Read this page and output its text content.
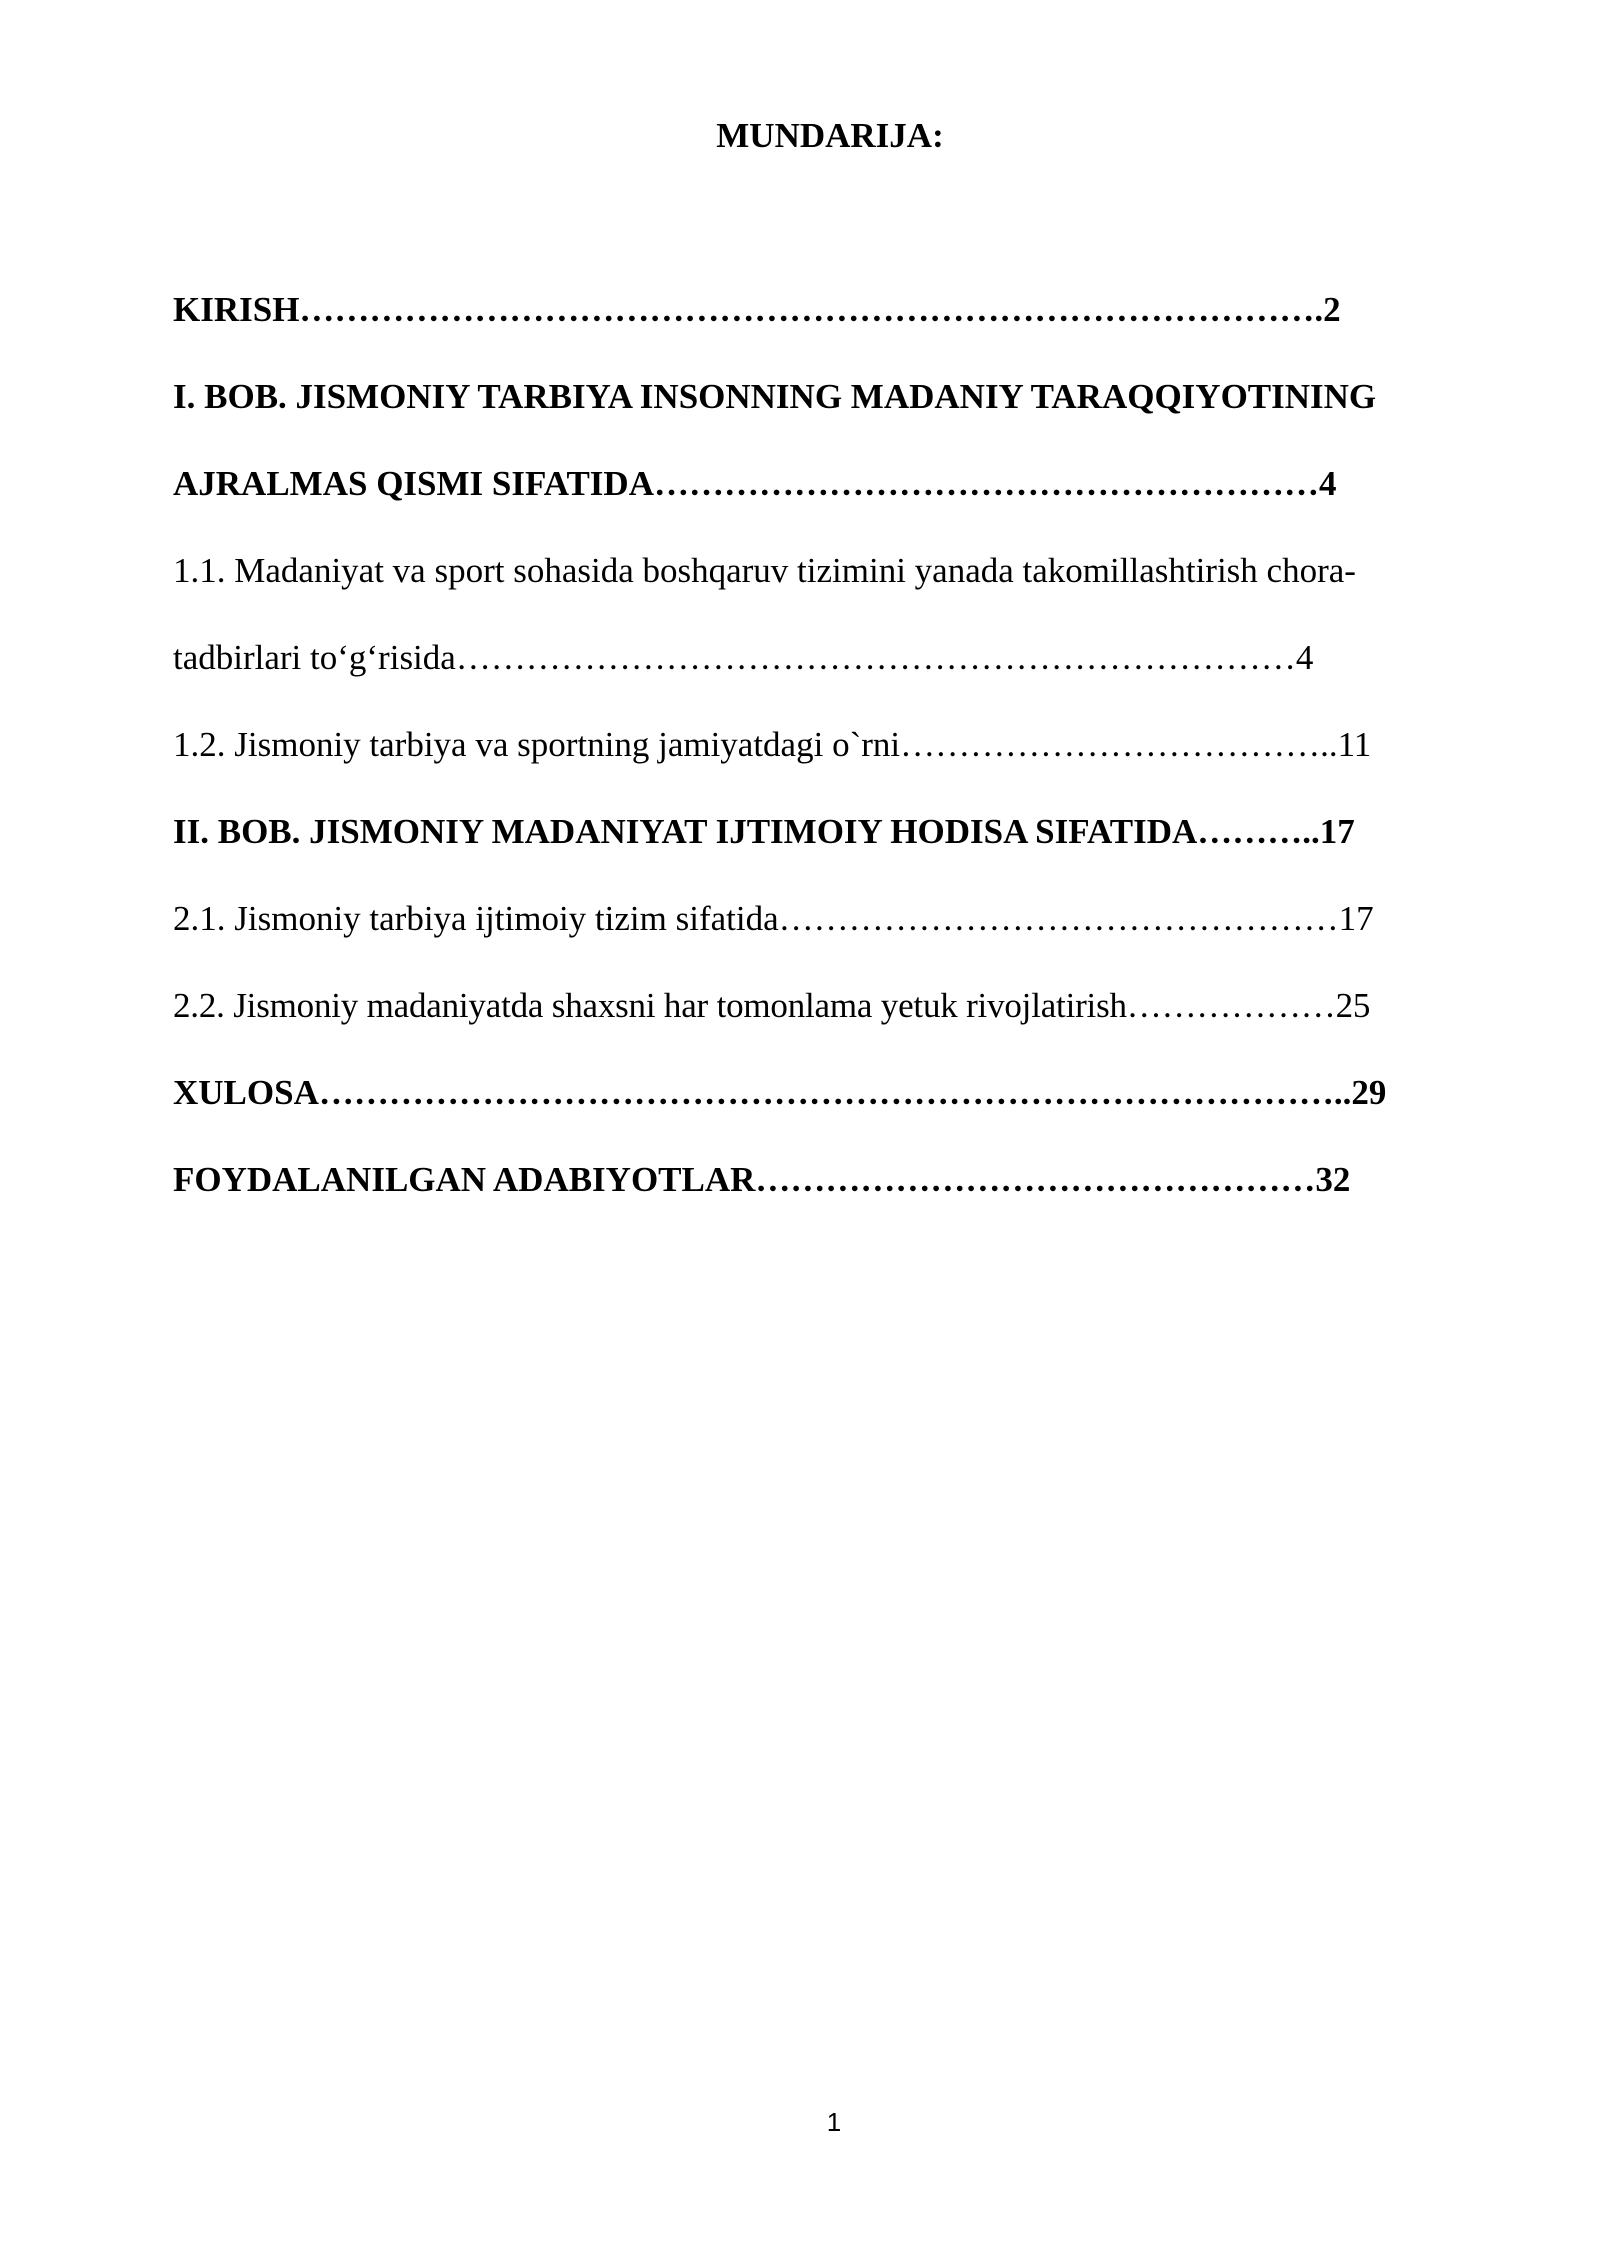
MUNDARIJA:
KIRISH…………………………………………………………………………….2
I. BOB. JISMONIY TARBIYA INSONNING MADANIY TARAQQIYOTINING
AJRALMAS QISMI SIFATIDA…………………………………………………4
1.1. Madaniyat va sport sohasida boshqaruv tizimini yanada takomillashtirish chora-
tadbirlari to‘g‘risida………………………………………………………………4
1.2. Jismoniy tarbiya va sportning jamiyatdagi o`rni………………………………..11
II. BOB. JISMONIY MADANIYAT IJTIMOIY HODISA SIFATIDA………..17
2.1. Jismoniy tarbiya ijtimoiy tizim sifatida…………………………………………17
2.2. Jismoniy madaniyatda shaxsni har tomonlama yetuk rivojlatirish………………25
XULOSA……………………………………………………………………………..29
FOYDALANILGAN ADABIYOTLAR…………………………………………32
1
